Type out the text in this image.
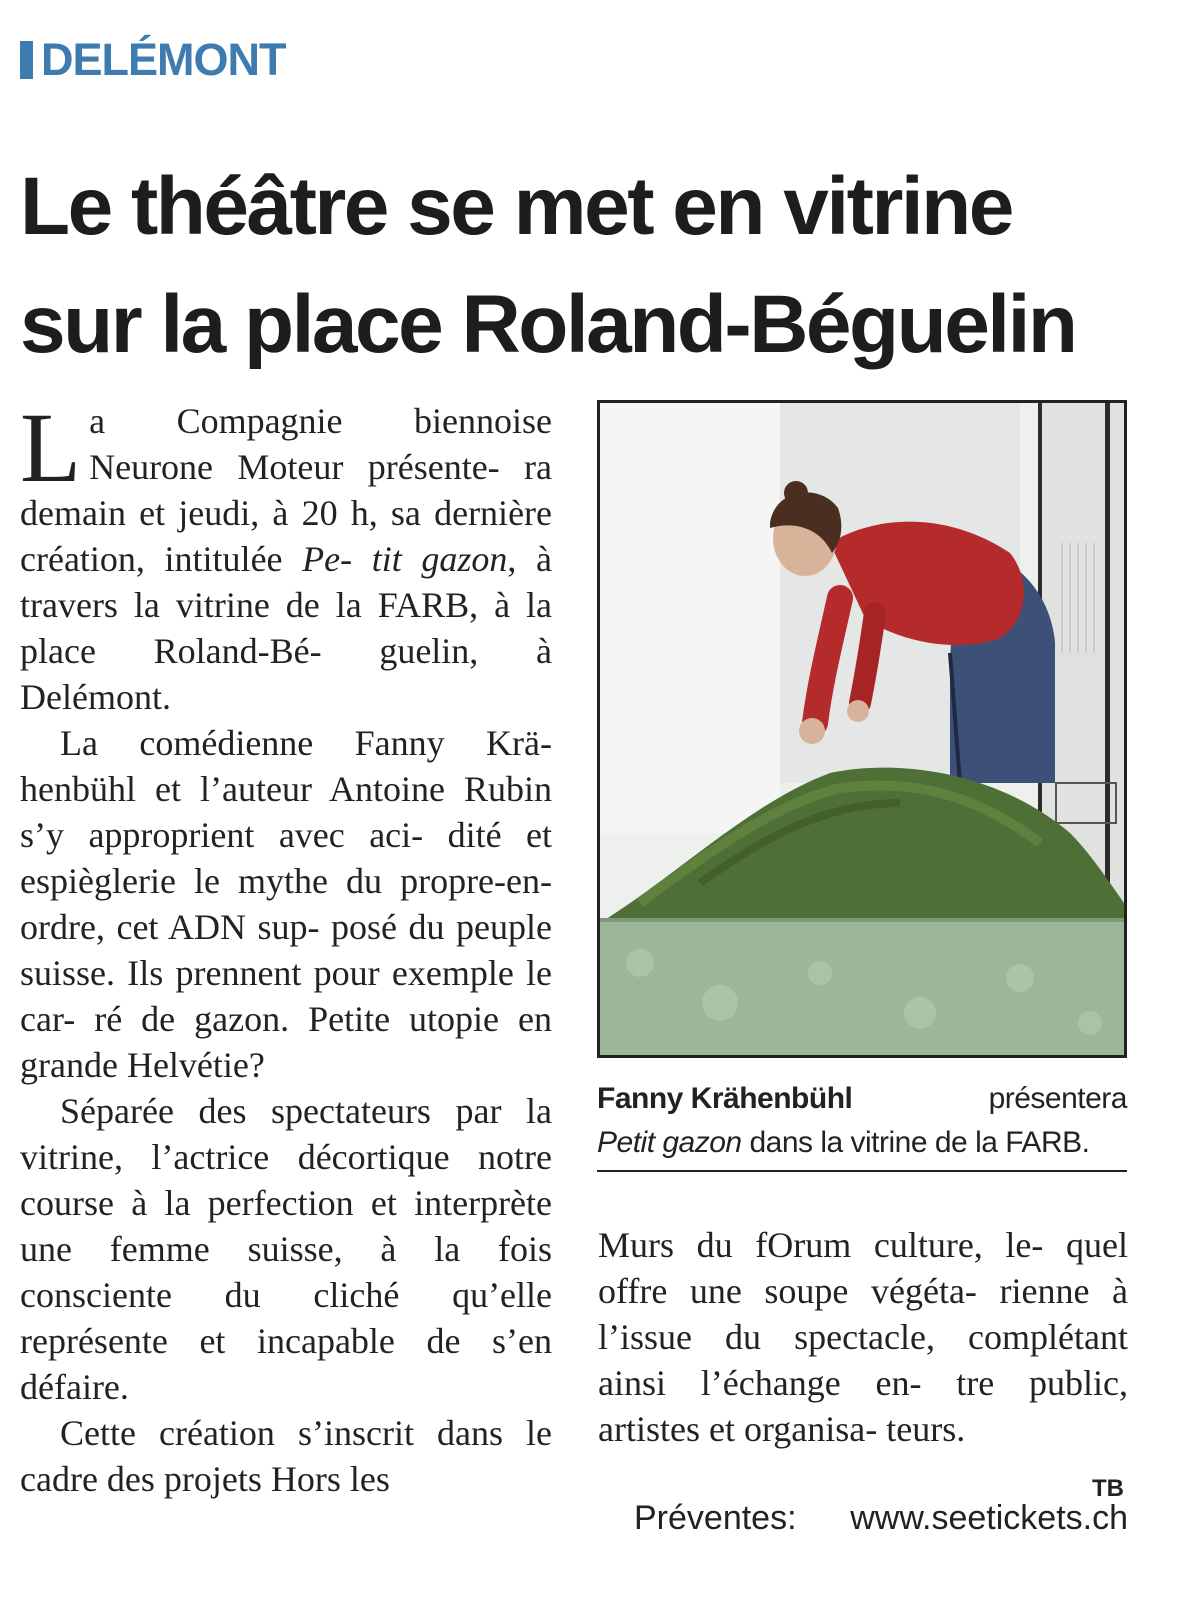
DELÉMONT
Le théâtre se met en vitrine
sur la place Roland-Béguelin

L a Compagnie biennoise Neurone Moteur présente- ra demain et jeudi, à 20 h, sa dernière création, intitulée Pe- tit gazon, à travers la vitrine de la FARB, à la place Roland-Bé- guelin, à Delémont.

La comédienne Fanny Krä- henbühl et l’auteur Antoine Rubin s’y approprient avec aci- dité et espièglerie le mythe du propre-en-ordre, cet ADN sup- posé du peuple suisse. Ils prennent pour exemple le car- ré de gazon. Petite utopie en grande Helvétie?

Séparée des spectateurs par la vitrine, l’actrice décortique notre course à la perfection et interprète une femme suisse, à la fois consciente du cliché qu’elle représente et incapable de s’en défaire.

Cette création s’inscrit dans le cadre des projets Hors les

Fanny Krähenbühl	présentera
Petit gazon dans la vitrine de la FARB.

Murs du fOrum culture, le- quel offre une soupe végéta- rienne à l’issue du spectacle, complétant ainsi l’échange en- tre public, artistes et organisa- teurs.

TB
Préventes: www.seetickets.ch
